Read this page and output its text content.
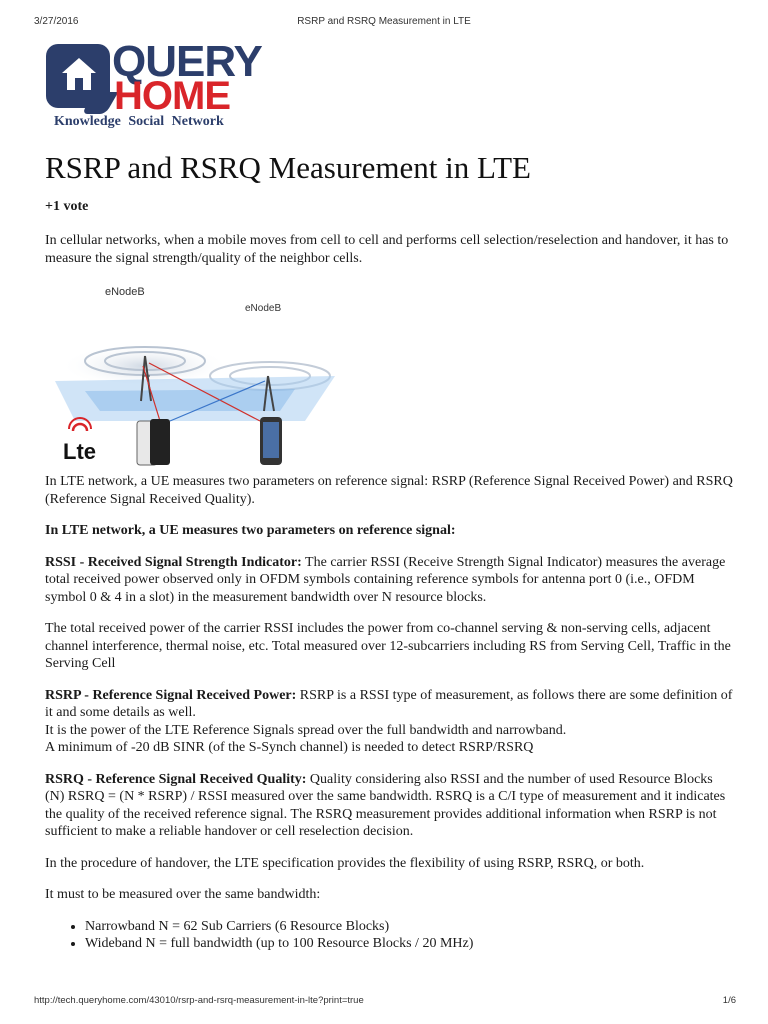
3/27/2016	RSRP and RSRQ Measurement in LTE
QUERY
HOME
Knowledge Social Network
RSRP and RSRQ Measurement in LTE
+1 vote

In cellular networks, when a mobile moves from cell to cell and performs cell selection/reselection and handover, it has to measure the signal strength/quality of the neighbor cells.

eNodeB
eNodeB
Lte

In LTE network, a UE measures two parameters on reference signal: RSRP (Reference Signal Received Power) and RSRQ (Reference Signal Received Quality).

In LTE network, a UE measures two parameters on reference signal:

RSSI - Received Signal Strength Indicator: The carrier RSSI (Receive Strength Signal Indicator) measures the average total received power observed only in OFDM symbols containing reference symbols for antenna port 0 (i.e., OFDM symbol 0 & 4 in a slot) in the measurement bandwidth over N resource blocks.

The total received power of the carrier RSSI includes the power from co-channel serving & non-serving cells, adjacent channel interference, thermal noise, etc. Total measured over 12-subcarriers including RS from Serving Cell, Traffic in the Serving Cell

RSRP - Reference Signal Received Power: RSRP is a RSSI type of measurement, as follows there are some definition of it and some details as well.
It is the power of the LTE Reference Signals spread over the full bandwidth and narrowband.
A minimum of -20 dB SINR (of the S-Synch channel) is needed to detect RSRP/RSRQ

RSRQ - Reference Signal Received Quality: Quality considering also RSSI and the number of used Resource Blocks (N) RSRQ = (N * RSRP) / RSSI measured over the same bandwidth. RSRQ is a C/I type of measurement and it indicates the quality of the received reference signal. The RSRQ measurement provides additional information when RSRP is not sufficient to make a reliable handover or cell reselection decision.

In the procedure of handover, the LTE specification provides the flexibility of using RSRP, RSRQ, or both.

It must to be measured over the same bandwidth:

• Narrowband N = 62 Sub Carriers (6 Resource Blocks)
• Wideband N = full bandwidth (up to 100 Resource Blocks / 20 MHz)
http://tech.queryhome.com/43010/rsrp-and-rsrq-measurement-in-lte?print=true	1/6
